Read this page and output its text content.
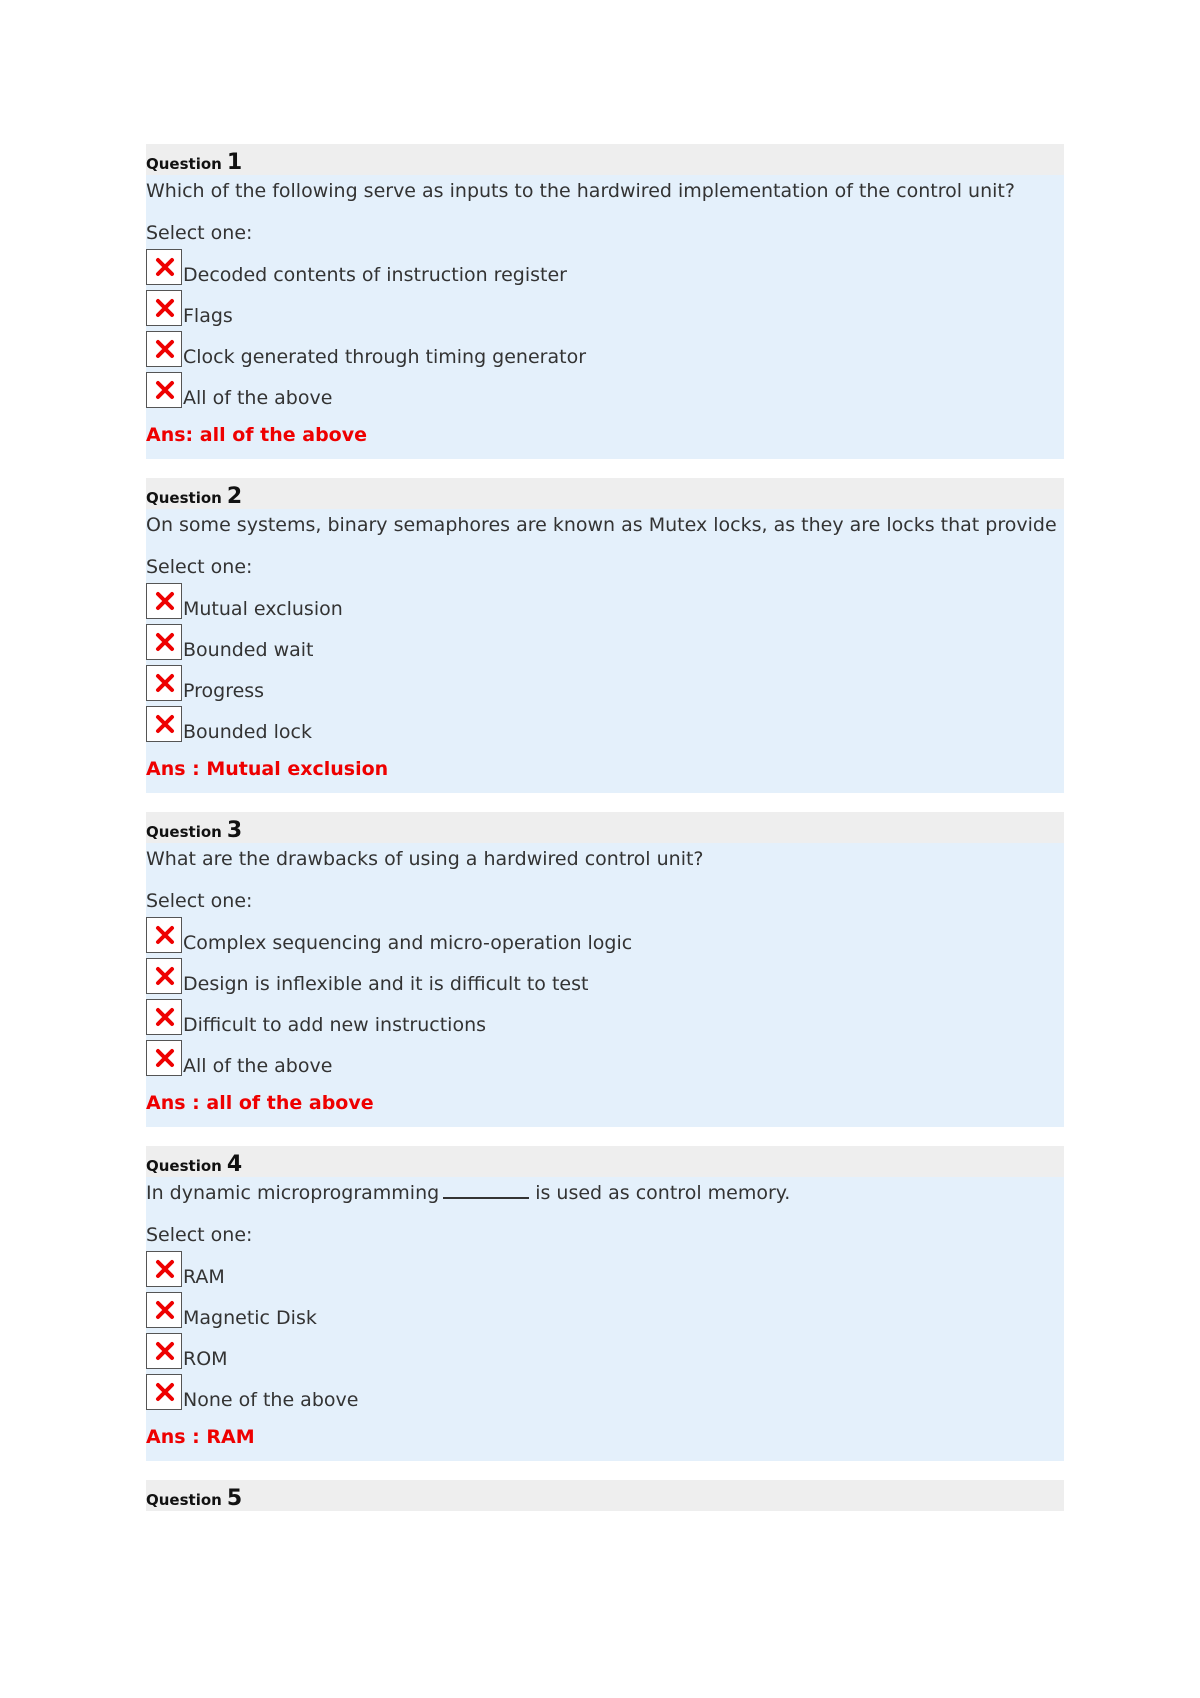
Question 1
Which of the following serve as inputs to the hardwired implementation of the control unit?
Select one:
Decoded contents of instruction register
Flags
Clock generated through timing generator
All of the above
Ans: all of the above
Question 2
On some systems, binary semaphores are known as Mutex locks, as they are locks that provide
Select one:
Mutual exclusion
Bounded wait
Progress
Bounded lock
Ans : Mutual exclusion
Question 3
What are the drawbacks of using a hardwired control unit?
Select one:
Complex sequencing and micro-operation logic
Design is inflexible and it is difficult to test
Difficult to add new instructions
All of the above
Ans : all of the above
Question 4
In dynamic microprogramming	is used as control memory.
Select one:
RAM
Magnetic Disk
ROM
None of the above
Ans : RAM
Question 5
